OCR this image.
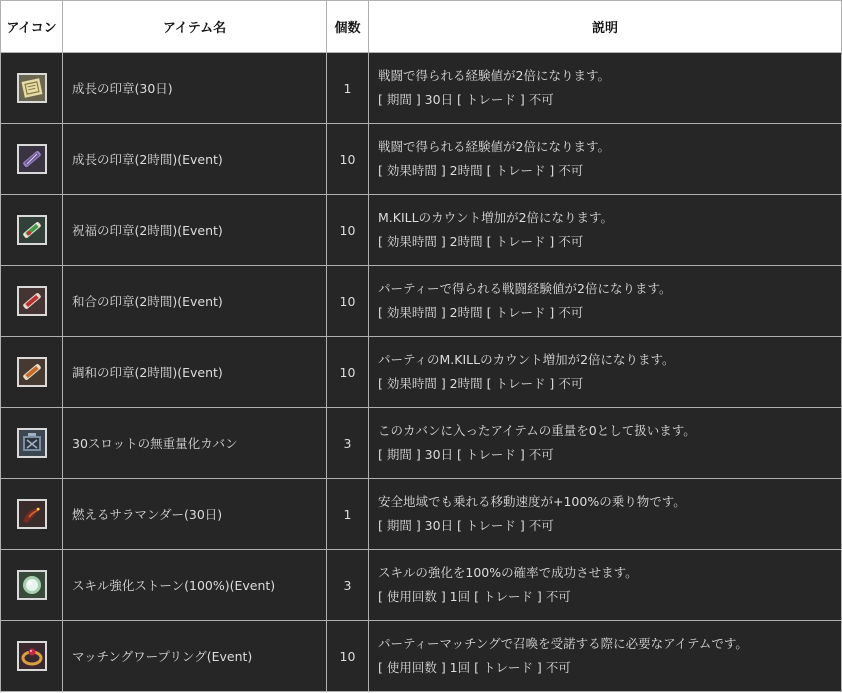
アイコン	アイテム名	個数	説明

	成長の印章(30日)	1	戦闘で得られる経験値が2倍になります。
[ 期間 ] 30日 [ トレード ] 不可

	成長の印章(2時間)(Event)	10	戦闘で得られる経験値が2倍になります。
[ 効果時間 ] 2時間 [ トレード ] 不可

	祝福の印章(2時間)(Event)	10	M.KILLのカウント増加が2倍になります。
[ 効果時間 ] 2時間 [ トレード ] 不可

	和合の印章(2時間)(Event)	10	パーティーで得られる戦闘経験値が2倍になります。
[ 効果時間 ] 2時間 [ トレード ] 不可

	調和の印章(2時間)(Event)	10	パーティのM.KILLのカウント増加が2倍になります。
[ 効果時間 ] 2時間 [ トレード ] 不可

	30スロットの無重量化カバン	3	このカバンに入ったアイテムの重量を0として扱います。
[ 期間 ] 30日 [ トレード ] 不可

	燃えるサラマンダー(30日)	1	安全地域でも乗れる移動速度が+100%の乗り物です。
[ 期間 ] 30日 [ トレード ] 不可

	スキル強化ストーン(100%)(Event)	3	スキルの強化を100%の確率で成功させます。
[ 使用回数 ] 1回 [ トレード ] 不可

	マッチングワープリング(Event)	10	パーティーマッチングで召喚を受諾する際に必要なアイテムです。
[ 使用回数 ] 1回 [ トレード ] 不可
